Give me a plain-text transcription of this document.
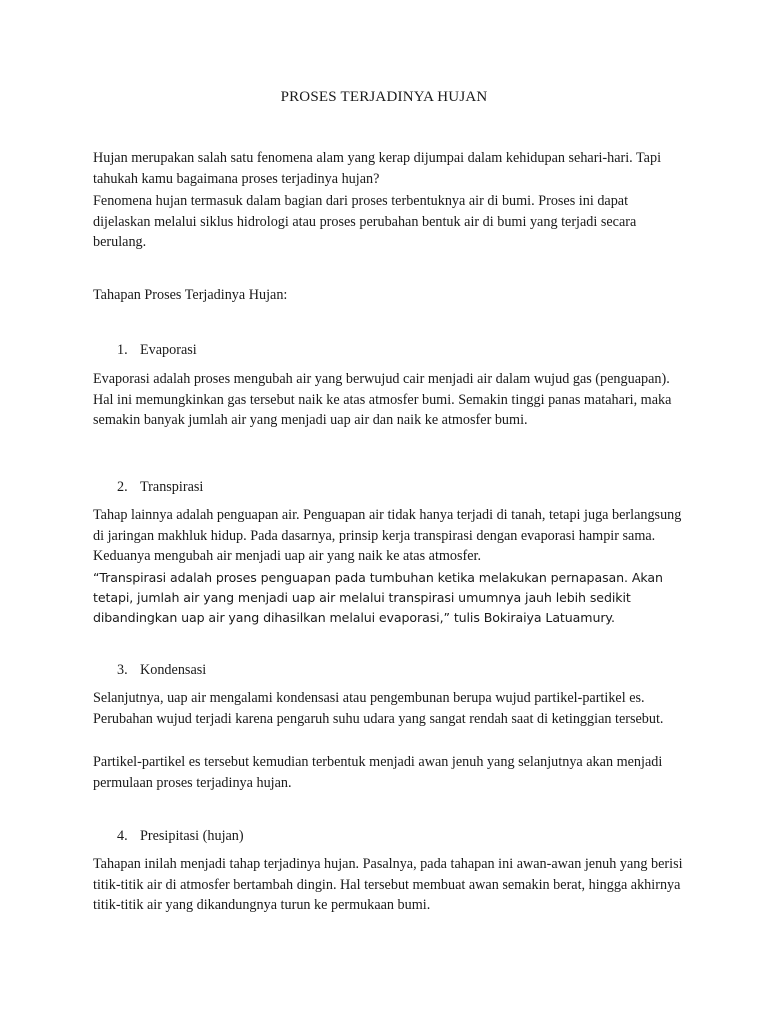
PROSES TERJADINYA HUJAN

Hujan merupakan salah satu fenomena alam yang kerap dijumpai dalam kehidupan sehari-hari. Tapi tahukah kamu bagaimana proses terjadinya hujan?

Fenomena hujan termasuk dalam bagian dari proses terbentuknya air di bumi. Proses ini dapat dijelaskan melalui siklus hidrologi atau proses perubahan bentuk air di bumi yang terjadi secara berulang.

Tahapan Proses Terjadinya Hujan:

1. Evaporasi

Evaporasi adalah proses mengubah air yang berwujud cair menjadi air dalam wujud gas (penguapan). Hal ini memungkinkan gas tersebut naik ke atas atmosfer bumi. Semakin tinggi panas matahari, maka semakin banyak jumlah air yang menjadi uap air dan naik ke atmosfer bumi.

2. Transpirasi

Tahap lainnya adalah penguapan air. Penguapan air tidak hanya terjadi di tanah, tetapi juga berlangsung di jaringan makhluk hidup. Pada dasarnya, prinsip kerja transpirasi dengan evaporasi hampir sama. Keduanya mengubah air menjadi uap air yang naik ke atas atmosfer.

“Transpirasi adalah proses penguapan pada tumbuhan ketika melakukan pernapasan. Akan tetapi, jumlah air yang menjadi uap air melalui transpirasi umumnya jauh lebih sedikit dibandingkan uap air yang dihasilkan melalui evaporasi,” tulis Bokiraiya Latuamury.

3. Kondensasi

Selanjutnya, uap air mengalami kondensasi atau pengembunan berupa wujud partikel-partikel es. Perubahan wujud terjadi karena pengaruh suhu udara yang sangat rendah saat di ketinggian tersebut.

Partikel-partikel es tersebut kemudian terbentuk menjadi awan jenuh yang selanjutnya akan menjadi permulaan proses terjadinya hujan.

4. Presipitasi (hujan)

Tahapan inilah menjadi tahap terjadinya hujan. Pasalnya, pada tahapan ini awan-awan jenuh yang berisi titik-titik air di atmosfer bertambah dingin. Hal tersebut membuat awan semakin berat, hingga akhirnya titik-titik air yang dikandungnya turun ke permukaan bumi.
